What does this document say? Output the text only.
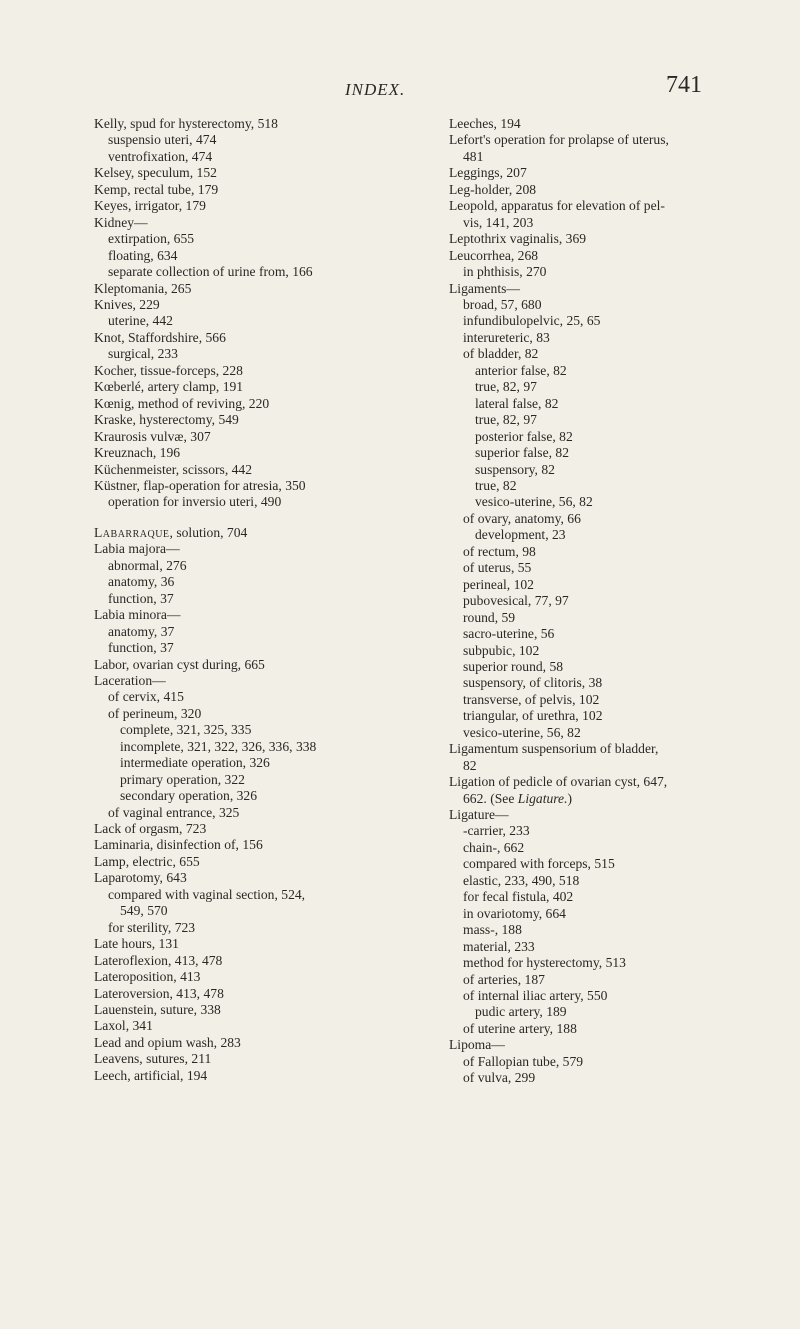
INDEX.	741
Kelly, spud for hysterectomy, 518
suspensio uteri, 474
ventrofixation, 474
Kelsey, speculum, 152
Kemp, rectal tube, 179
Keyes, irrigator, 179
Kidney—
extirpation, 655
floating, 634
separate collection of urine from, 166
Kleptomania, 265
Knives, 229
uterine, 442
Knot, Staffordshire, 566
surgical, 233
Kocher, tissue-forceps, 228
Kœberlé, artery clamp, 191
Kœnig, method of reviving, 220
Kraske, hysterectomy, 549
Kraurosis vulvæ, 307
Kreuznach, 196
Küchenmeister, scissors, 442
Küstner, flap-operation for atresia, 350
operation for inversio uteri, 490
Labarraque, solution, 704
Labia majora—
abnormal, 276
anatomy, 36
function, 37
Labia minora—
anatomy, 37
function, 37
Labor, ovarian cyst during, 665
Laceration—
of cervix, 415
of perineum, 320
complete, 321, 325, 335
incomplete, 321, 322, 326, 336, 338
intermediate operation, 326
primary operation, 322
secondary operation, 326
of vaginal entrance, 325
Lack of orgasm, 723
Laminaria, disinfection of, 156
Lamp, electric, 655
Laparotomy, 643
compared with vaginal section, 524,
549, 570
for sterility, 723
Late hours, 131
Lateroflexion, 413, 478
Lateroposition, 413
Lateroversion, 413, 478
Lauenstein, suture, 338
Laxol, 341
Lead and opium wash, 283
Leavens, sutures, 211
Leech, artificial, 194
Leeches, 194
Lefort's operation for prolapse of uterus,
481
Leggings, 207
Leg-holder, 208
Leopold, apparatus for elevation of pel-
vis, 141, 203
Leptothrix vaginalis, 369
Leucorrhea, 268
in phthisis, 270
Ligaments—
broad, 57, 680
infundibulopelvic, 25, 65
interureteric, 83
of bladder, 82
anterior false, 82
true, 82, 97
lateral false, 82
true, 82, 97
posterior false, 82
superior false, 82
suspensory, 82
true, 82
vesico-uterine, 56, 82
of ovary, anatomy, 66
development, 23
of rectum, 98
of uterus, 55
perineal, 102
pubovesical, 77, 97
round, 59
sacro-uterine, 56
subpubic, 102
superior round, 58
suspensory, of clitoris, 38
transverse, of pelvis, 102
triangular, of urethra, 102
vesico-uterine, 56, 82
Ligamentum suspensorium of bladder,
82
Ligation of pedicle of ovarian cyst, 647,
662. (See Ligature.)
Ligature—
-carrier, 233
chain-, 662
compared with forceps, 515
elastic, 233, 490, 518
for fecal fistula, 402
in ovariotomy, 664
mass-, 188
material, 233
method for hysterectomy, 513
of arteries, 187
of internal iliac artery, 550
pudic artery, 189
of uterine artery, 188
Lipoma—
of Fallopian tube, 579
of vulva, 299
